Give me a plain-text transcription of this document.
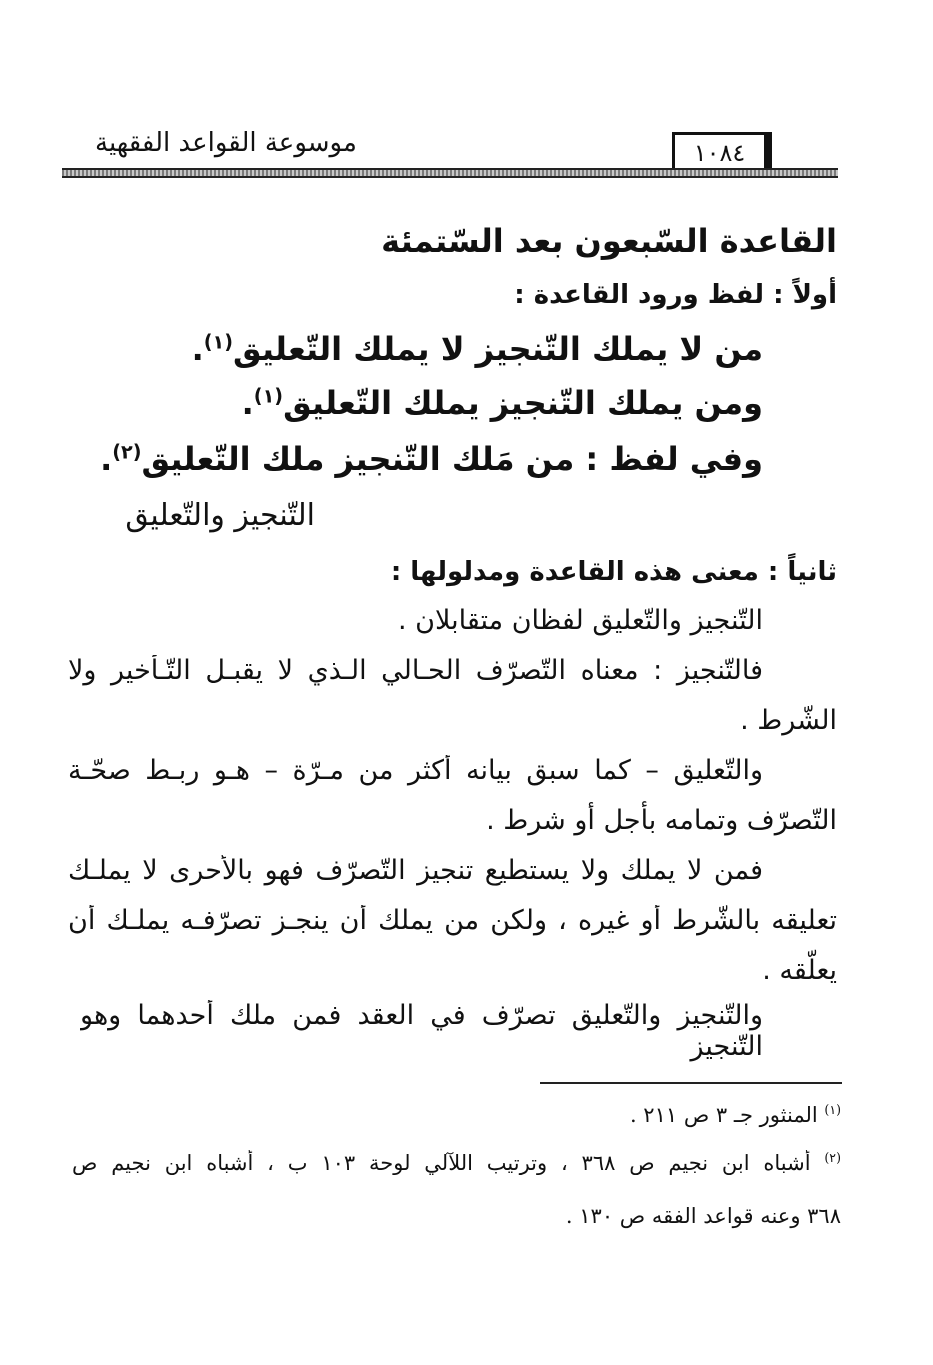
موسوعة القواعد الفقهية	١٠٨٤
القاعدة السّبعون بعد السّتمئة
أولاً : لفظ ورود القاعدة :
من لا يملك التّنجيز لا يملك التّعليق$^{(١)}$.
ومن يملك التّنجيز يملك التّعليق$^{(١)}$.
وفي لفظ : من مَلك التّنجيز ملك التّعليق$^{(٢)}$.
التّنجيز والتّعليق
ثانياً : معنى هذه القاعدة ومدلولها :
التّنجيز والتّعليق لفظان متقابلان .
فالتّنجيز : معناه التّصرّف الحـالي الـذي لا يقبـل التّـأخير ولا
الشّرط .
والتّعليق – كما سبق بيانه أكثر من مـرّة – هـو ربـط صحّـة
التّصرّف وتمامه بأجل أو شرط .
فمن لا يملك ولا يستطيع تنجيز التّصرّف فهو بالأحرى لا يملـك
تعليقه بالشّرط أو غيره ، ولكن من يملك أن ينجـز تصرّفـه يملـك أن
يعلّقه .
والتّنجيز والتّعليق تصرّف في العقد فمن ملك أحدهما وهو التّنجيز
$^{(١)}$ المنثور جـ ٣ ص ٢١١ .
$^{(٢)}$ أشباه ابن نجيم ص ٣٦٨ ، وترتيب اللآلي لوحة ١٠٣ ب ، أشباه ابن نجيم ص
٣٦٨ وعنه قواعد الفقه ص ١٣٠ .
